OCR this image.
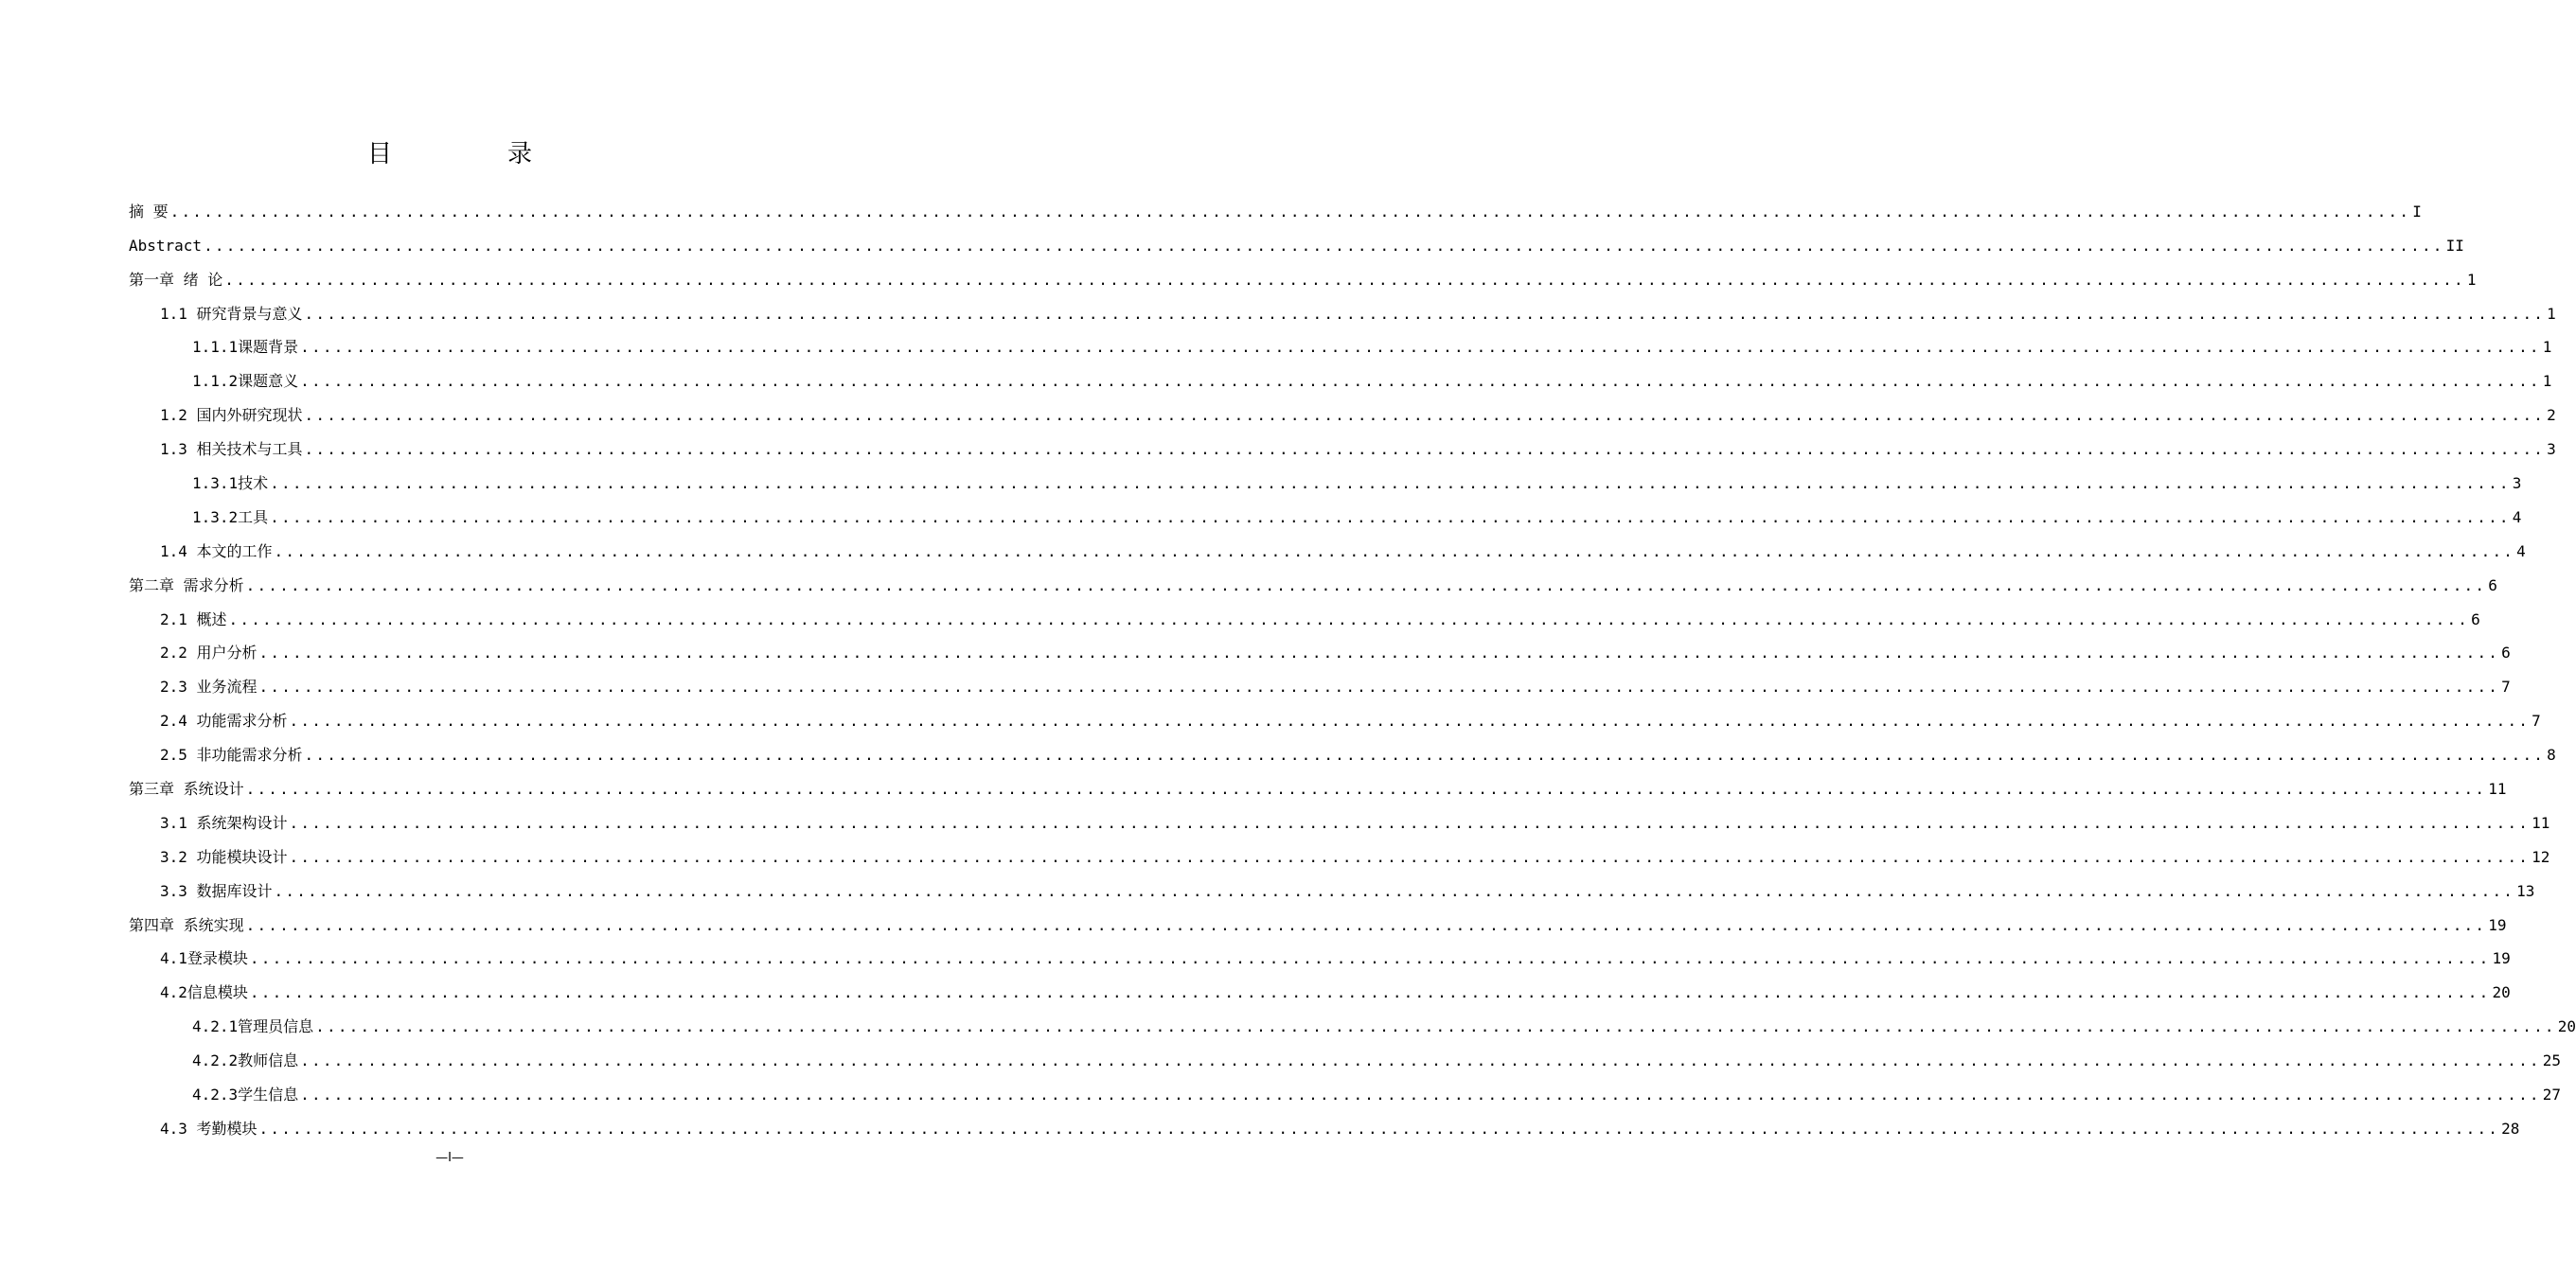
目　录
摘 要 ........................................................................................................................................................................................................ I
Abstract ........................................................................................................................................................................................................ II
第一章 绪 论 ........................................................................................................................................................................................................ 1
1.1 研究背景与意义 ........................................................................................................................................................................................................ 1
1.1.1课题背景 ........................................................................................................................................................................................................ 1
1.1.2课题意义 ........................................................................................................................................................................................................ 1
1.2 国内外研究现状 ........................................................................................................................................................................................................ 2
1.3 相关技术与工具 ........................................................................................................................................................................................................ 3
1.3.1技术 ........................................................................................................................................................................................................ 3
1.3.2工具 ........................................................................................................................................................................................................ 4
1.4 本文的工作 ........................................................................................................................................................................................................ 4
第二章 需求分析 ........................................................................................................................................................................................................ 6
2.1 概述 ........................................................................................................................................................................................................ 6
2.2 用户分析 ........................................................................................................................................................................................................ 6
2.3 业务流程 ........................................................................................................................................................................................................ 7
2.4 功能需求分析 ........................................................................................................................................................................................................ 7
2.5 非功能需求分析 ........................................................................................................................................................................................................ 8
第三章 系统设计 ........................................................................................................................................................................................................ 11
3.1 系统架构设计 ........................................................................................................................................................................................................ 11
3.2 功能模块设计 ........................................................................................................................................................................................................ 12
3.3 数据库设计 ........................................................................................................................................................................................................ 13
第四章 系统实现 ........................................................................................................................................................................................................ 19
4.1登录模块 ........................................................................................................................................................................................................ 19
4.2信息模块 ........................................................................................................................................................................................................ 20
4.2.1管理员信息 ........................................................................................................................................................................................................ 20
4.2.2教师信息 ........................................................................................................................................................................................................ 25
4.2.3学生信息 ........................................................................................................................................................................................................ 27
4.3 考勤模块 ........................................................................................................................................................................................................ 28
—I—
